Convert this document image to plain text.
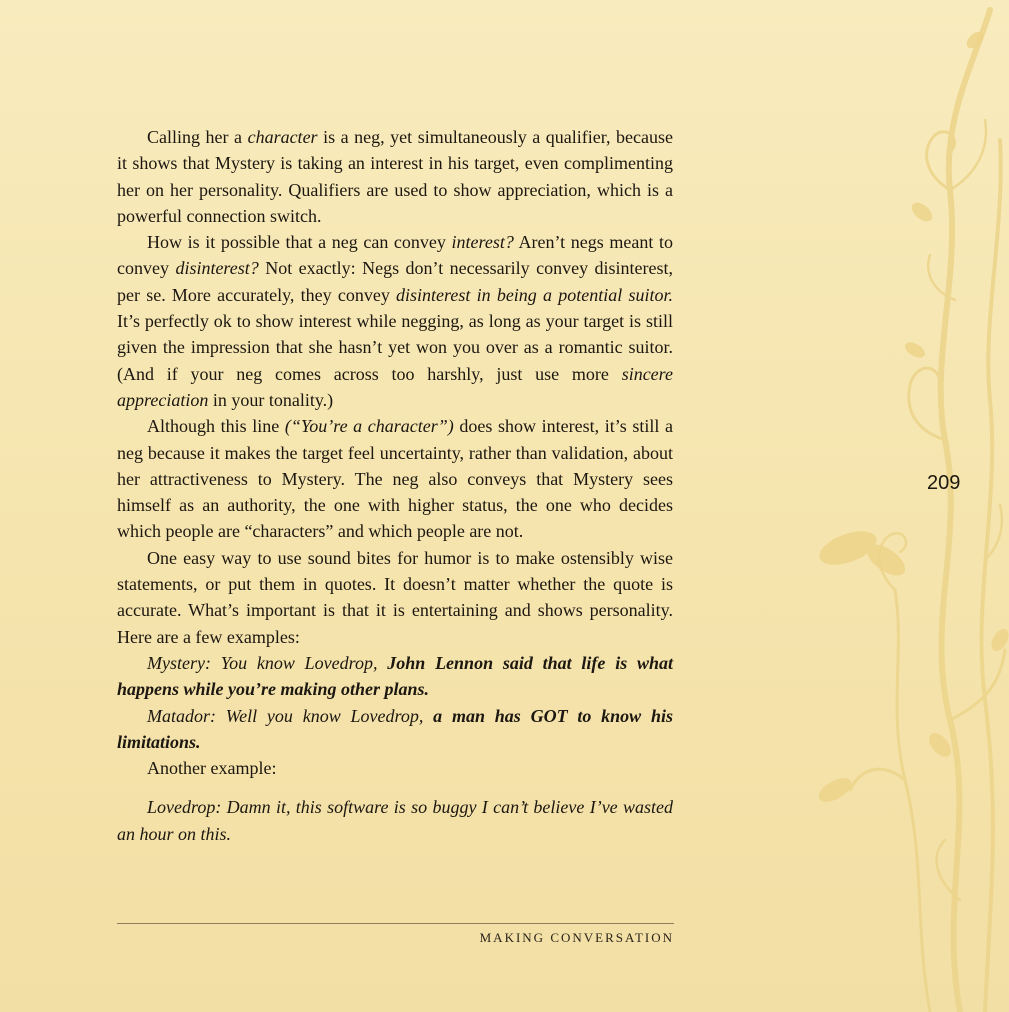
Calling her a character is a neg, yet simultaneously a qualifier, because it shows that Mystery is taking an interest in his target, even complimenting her on her personality. Qualifiers are used to show appreciation, which is a powerful connection switch.

How is it possible that a neg can convey interest? Aren’t negs meant to convey disinterest? Not exactly: Negs don’t necessarily convey disinterest, per se. More accurately, they convey disinterest in being a potential suitor. It’s perfectly ok to show interest while negging, as long as your target is still given the impression that she hasn’t yet won you over as a romantic suitor. (And if your neg comes across too harshly, just use more sincere appreciation in your tonality.)

Although this line (“You’re a character”) does show interest, it’s still a neg because it makes the target feel uncertainty, rather than validation, about her attractiveness to Mystery. The neg also conveys that Mystery sees himself as an authority, the one with higher status, the one who decides which people are “characters” and which people are not.

One easy way to use sound bites for humor is to make ostensibly wise statements, or put them in quotes. It doesn’t matter whether the quote is accurate. What’s important is that it is entertaining and shows personality. Here are a few examples:

Mystery: You know Lovedrop, John Lennon said that life is what happens while you’re making other plans.

Matador: Well you know Lovedrop, a man has GOT to know his limitations.

Another example:

Lovedrop: Damn it, this software is so buggy I can’t believe I’ve wasted an hour on this.

209
MAKING CONVERSATION
